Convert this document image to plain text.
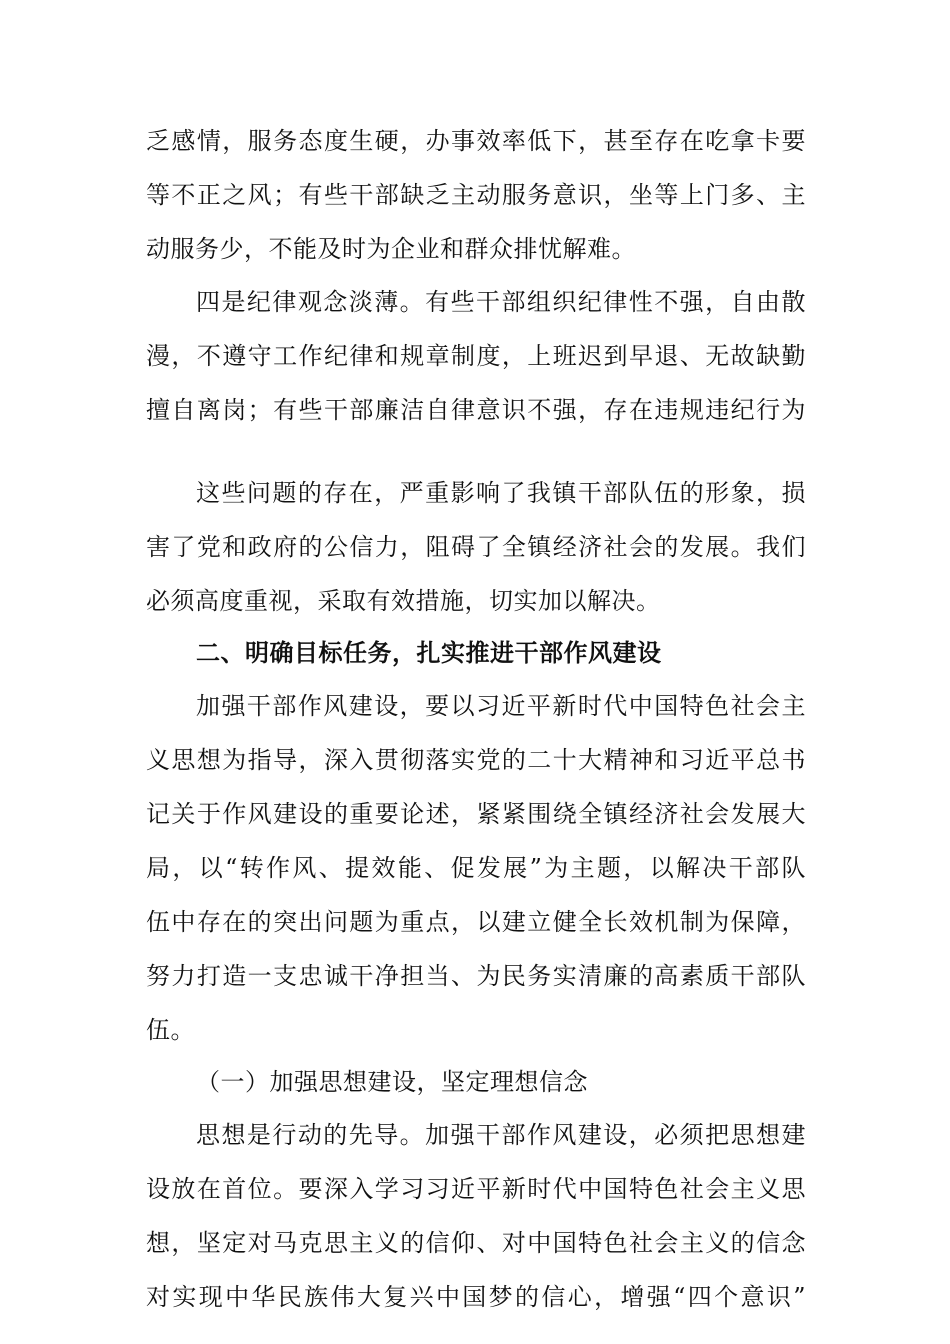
乏感情，服务态度生硬，办事效率低下，甚至存在吃拿卡要
等不正之风；有些干部缺乏主动服务意识，坐等上门多、主
动服务少，不能及时为企业和群众排忧解难。
四是纪律观念淡薄。有些干部组织纪律性不强，自由散
漫，不遵守工作纪律和规章制度，上班迟到早退、无故缺勤
擅自离岗；有些干部廉洁自律意识不强，存在违规违纪行为
这些问题的存在，严重影响了我镇干部队伍的形象，损
害了党和政府的公信力，阻碍了全镇经济社会的发展。我们
必须高度重视，采取有效措施，切实加以解决。
二、明确目标任务，扎实推进干部作风建设
加强干部作风建设，要以习近平新时代中国特色社会主
义思想为指导，深入贯彻落实党的二十大精神和习近平总书
记关于作风建设的重要论述，紧紧围绕全镇经济社会发展大
局，以“转作风、提效能、促发展”为主题，以解决干部队
伍中存在的突出问题为重点，以建立健全长效机制为保障，
努力打造一支忠诚干净担当、为民务实清廉的高素质干部队
伍。
（一）加强思想建设，坚定理想信念
思想是行动的先导。加强干部作风建设，必须把思想建
设放在首位。要深入学习习近平新时代中国特色社会主义思
想，坚定对马克思主义的信仰、对中国特色社会主义的信念
对实现中华民族伟大复兴中国梦的信心，增强“四个意识”
